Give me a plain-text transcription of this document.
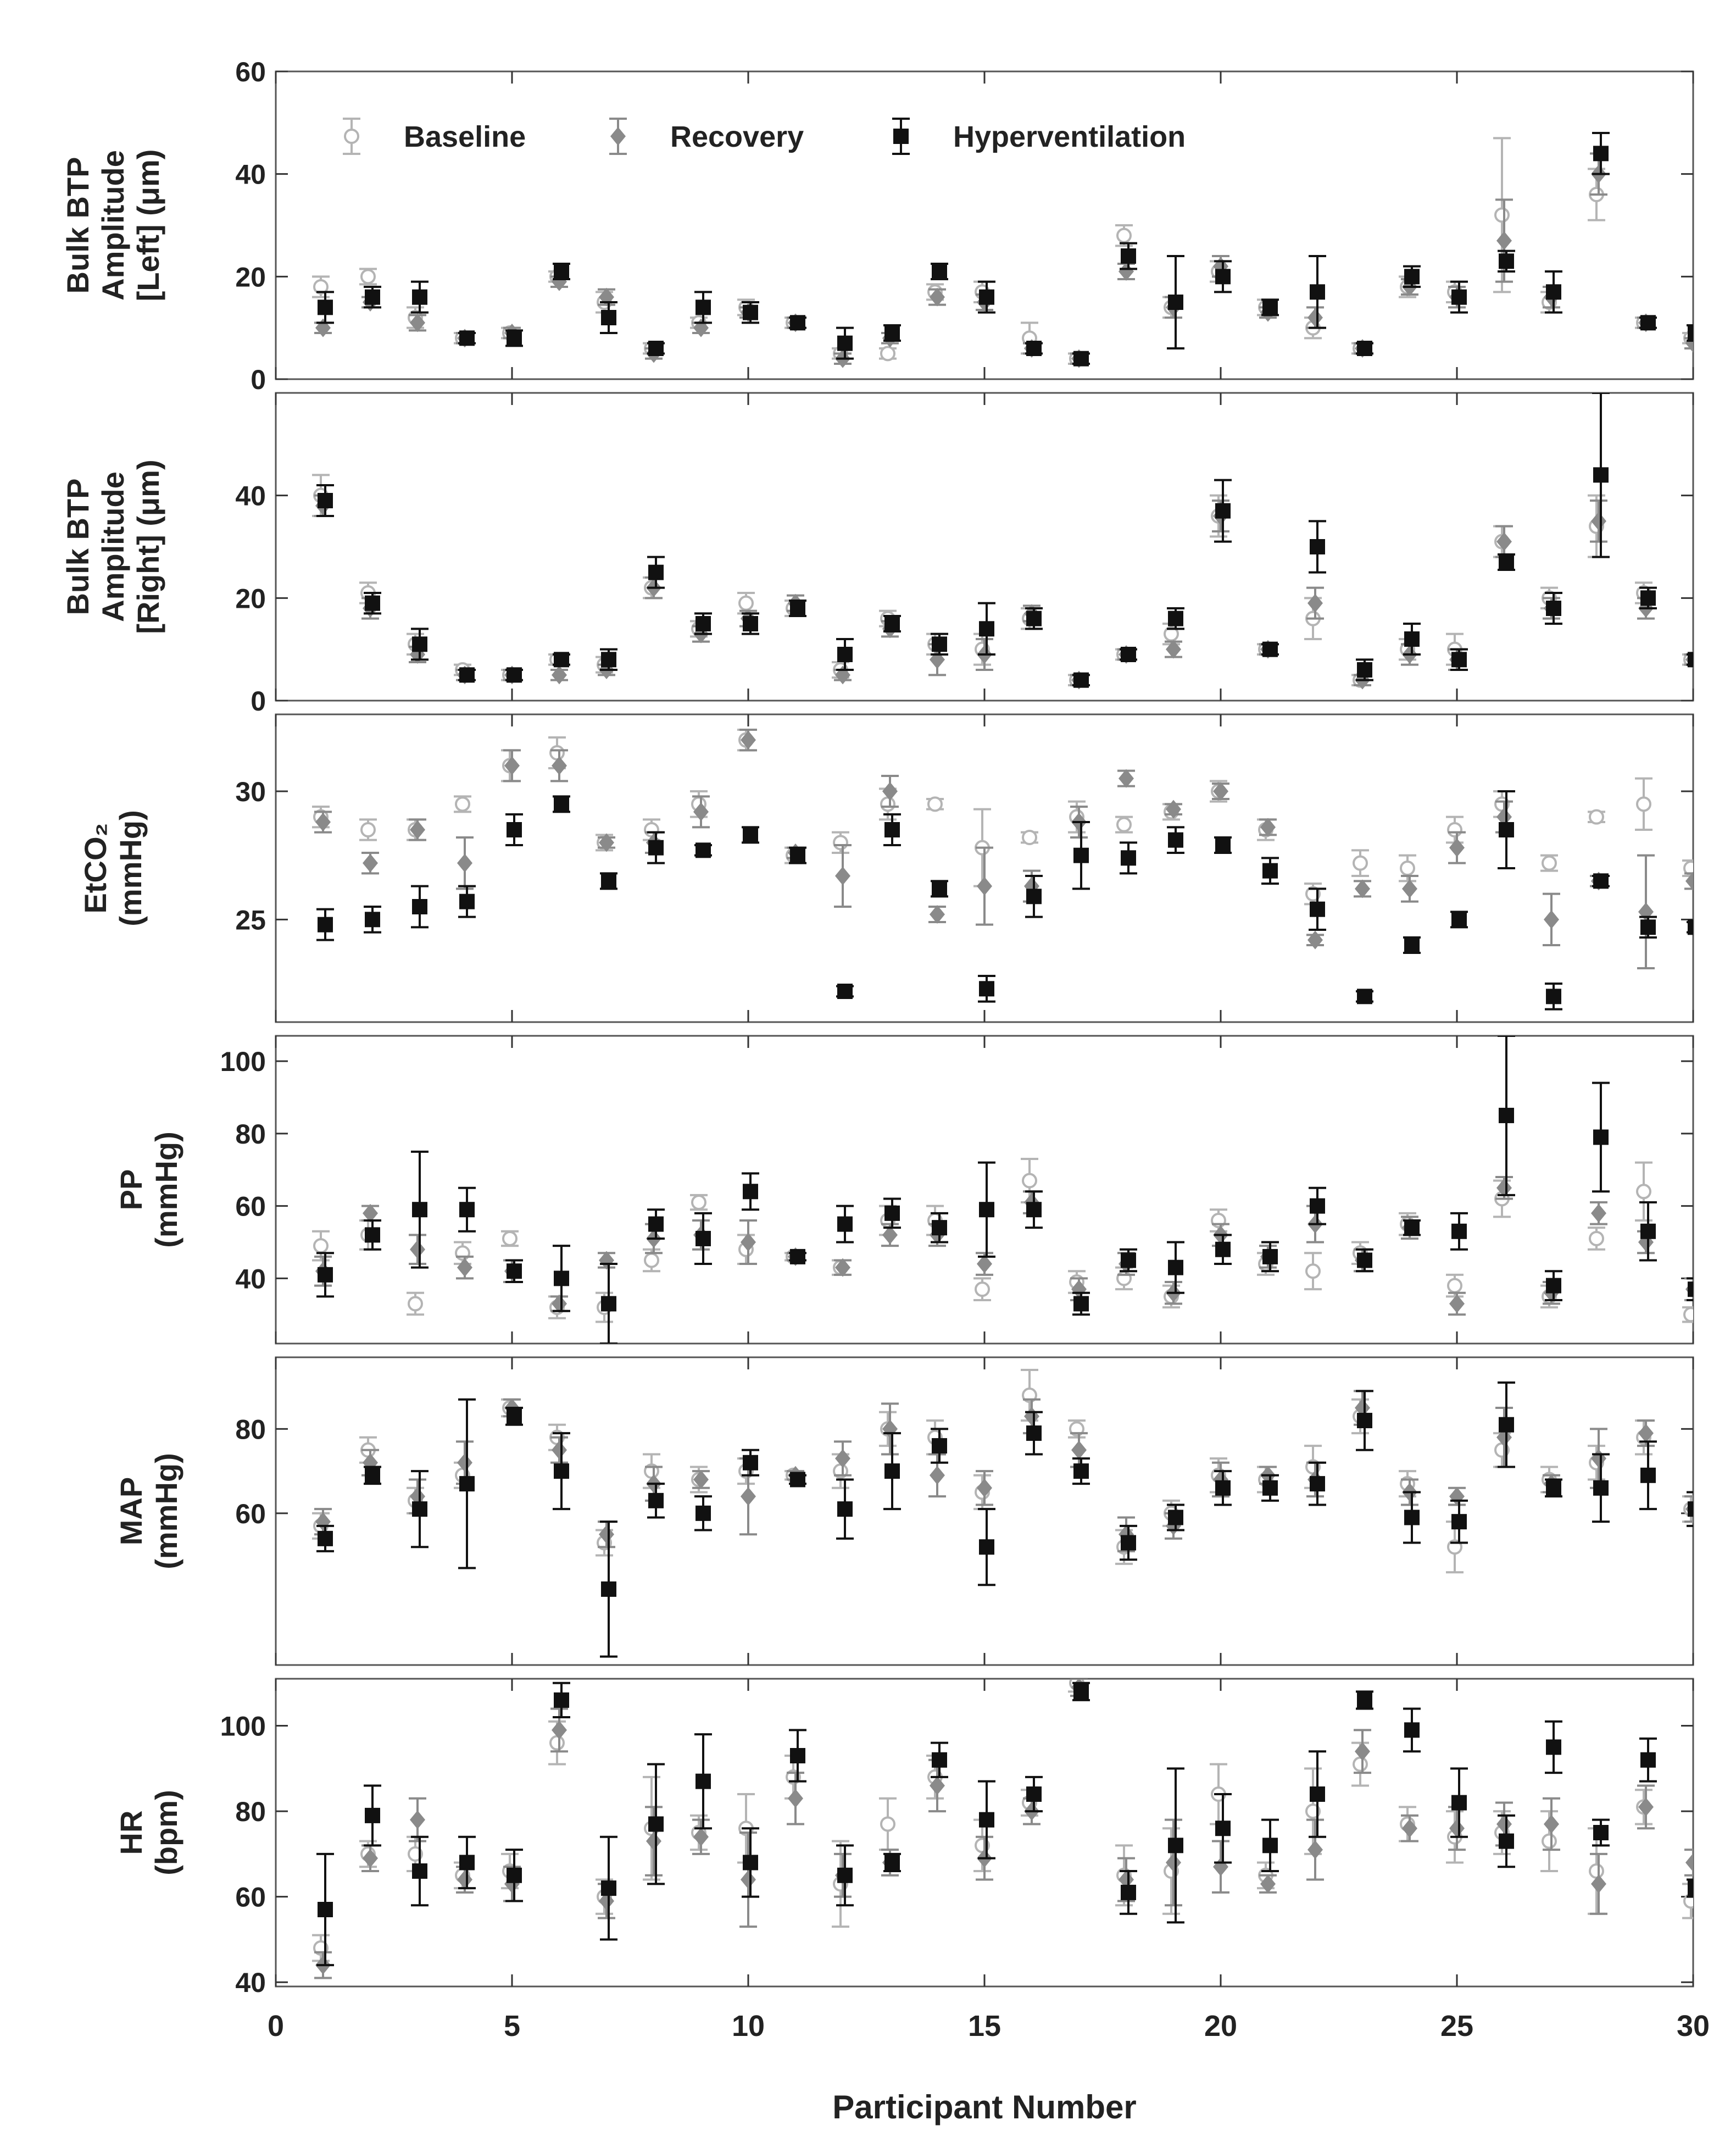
0
20
40
60
Bulk BTPAmplitude[Left] (μm)
0
20
40
Bulk BTPAmplitude[Right] (μm)
25
30
EtCO₂(mmHg)
40
60
80
100
PP(mmHg)
60
80
MAP(mmHg)
40
60
80
100
HR(bpm)
0	5	10	15	20	25	30
Baseline	Recovery	Hyperventilation
Participant Number
